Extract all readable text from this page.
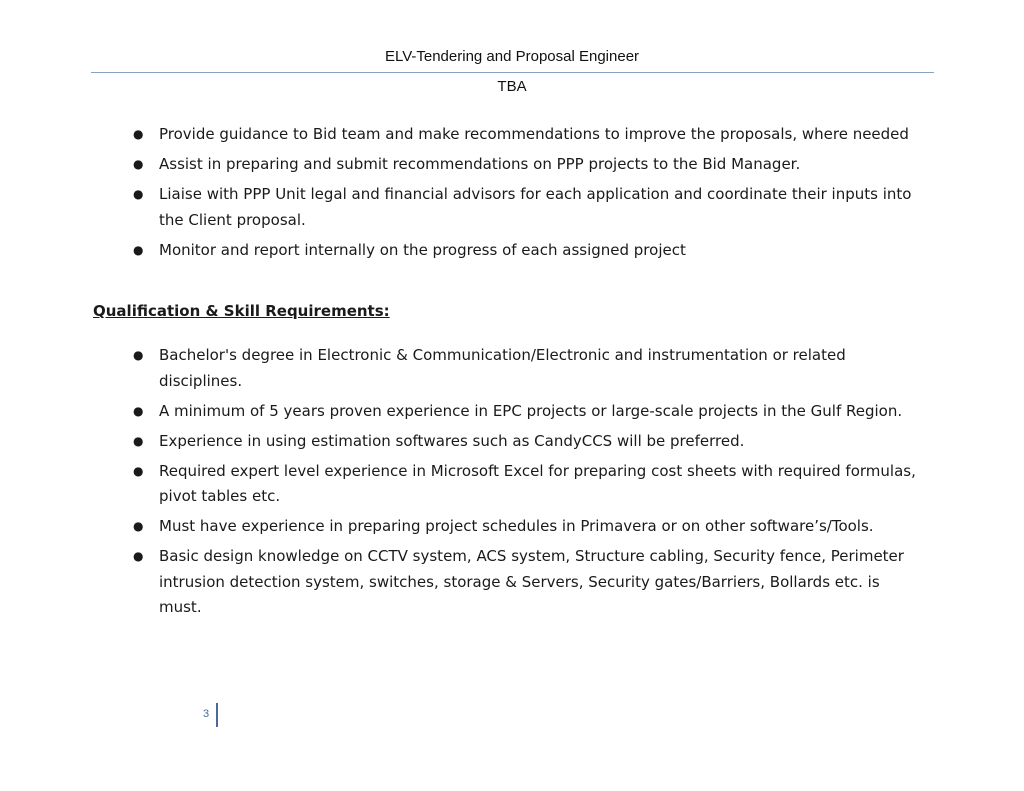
ELV-Tendering and Proposal Engineer
TBA
● Provide guidance to Bid team and make recommendations to improve the proposals, where needed
● Assist in preparing and submit recommendations on PPP projects to the Bid Manager.
● Liaise with PPP Unit legal and financial advisors for each application and coordinate their inputs into the Client proposal.
● Monitor and report internally on the progress of each assigned project
Qualification & Skill Requirements:
● Bachelor's degree in Electronic & Communication/Electronic and instrumentation or related disciplines.
● A minimum of 5 years proven experience in EPC projects or large-scale projects in the Gulf Region.
● Experience in using estimation softwares such as CandyCCS will be preferred.
● Required expert level experience in Microsoft Excel for preparing cost sheets with required formulas, pivot tables etc.
● Must have experience in preparing project schedules in Primavera or on other software’s/Tools.
● Basic design knowledge on CCTV system, ACS system, Structure cabling, Security fence, Perimeter intrusion detection system, switches, storage & Servers, Security gates/Barriers, Bollards etc. is must.
3
